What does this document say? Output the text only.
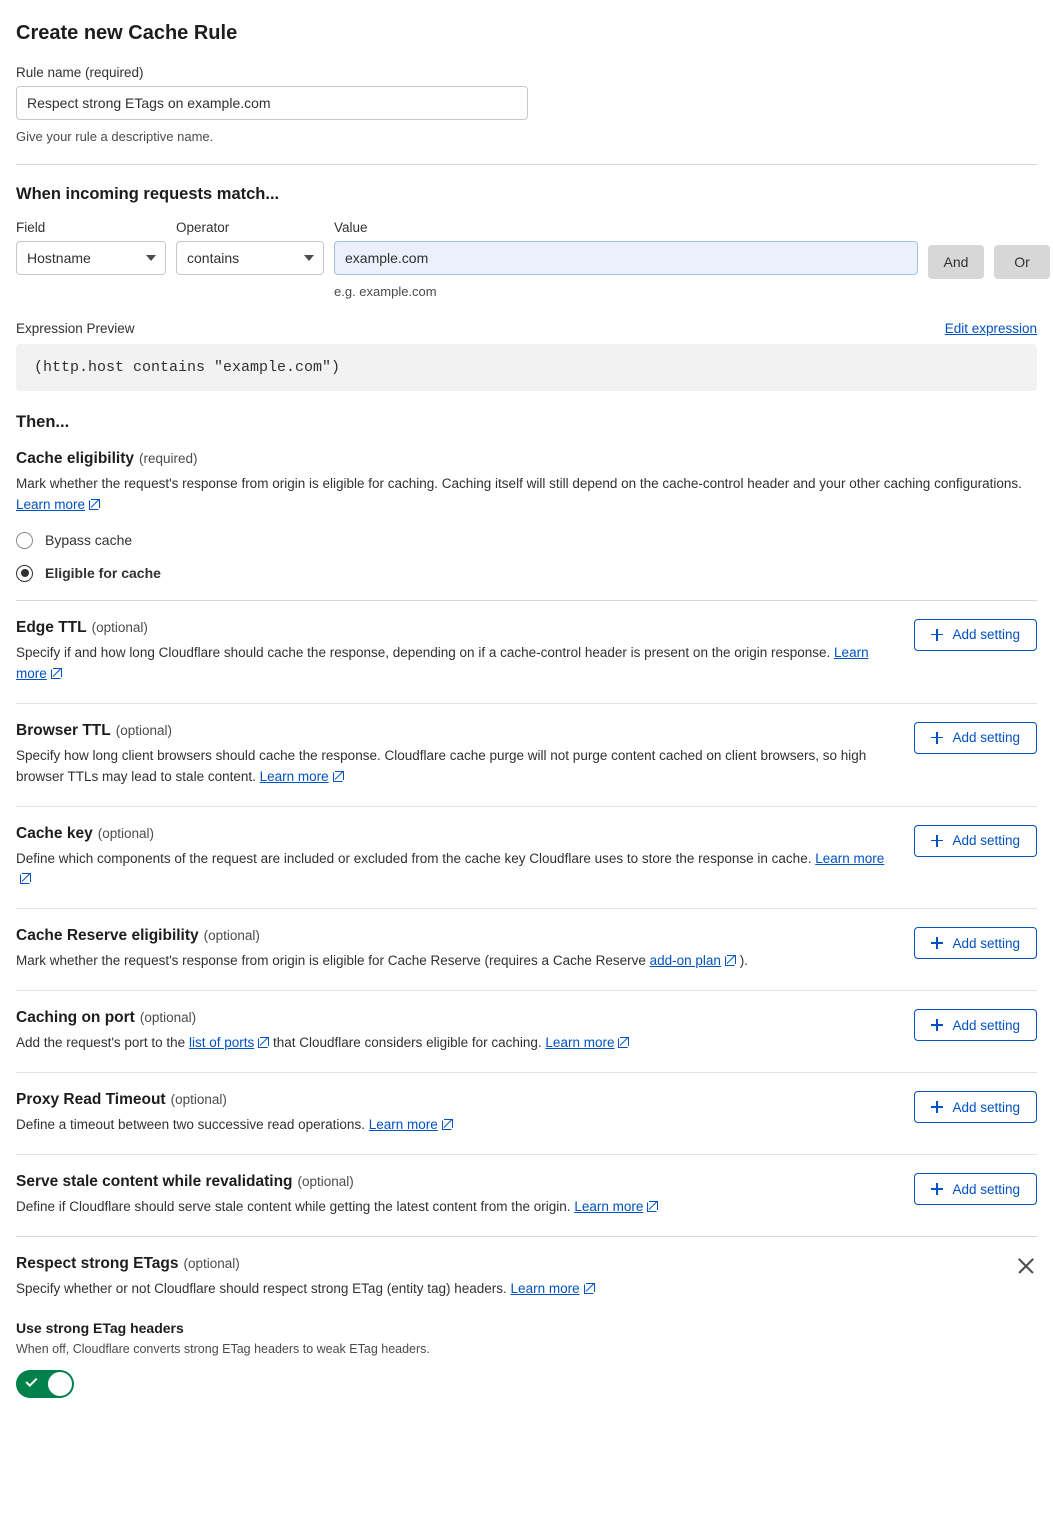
Create new Cache Rule
Rule name (required)
Respect strong ETags on example.com
Give your rule a descriptive name.
When incoming requests match...
Field
Hostname
Operator
contains
Value
example.com
e.g. example.com
And	Or
Expression Preview	Edit expression
(http.host contains "example.com")
Then...
Cache eligibility (required)
Mark whether the request's response from origin is eligible for caching. Caching itself will still depend on the cache-control header and your other caching configurations. Learn more
Bypass cache
Eligible for cache
Edge TTL (optional)
Specify if and how long Cloudflare should cache the response, depending on if a cache-control header is present on the origin response. Learn more
Add setting
Browser TTL (optional)
Specify how long client browsers should cache the response. Cloudflare cache purge will not purge content cached on client browsers, so high browser TTLs may lead to stale content. Learn more
Add setting
Cache key (optional)
Define which components of the request are included or excluded from the cache key Cloudflare uses to store the response in cache. Learn more
Add setting
Cache Reserve eligibility (optional)
Mark whether the request's response from origin is eligible for Cache Reserve (requires a Cache Reserve add-on plan ).
Add setting
Caching on port (optional)
Add the request's port to the list of ports that Cloudflare considers eligible for caching. Learn more
Add setting
Proxy Read Timeout (optional)
Define a timeout between two successive read operations. Learn more
Add setting
Serve stale content while revalidating (optional)
Define if Cloudflare should serve stale content while getting the latest content from the origin. Learn more
Add setting
Respect strong ETags (optional)
Specify whether or not Cloudflare should respect strong ETag (entity tag) headers. Learn more
Use strong ETag headers
When off, Cloudflare converts strong ETag headers to weak ETag headers.
